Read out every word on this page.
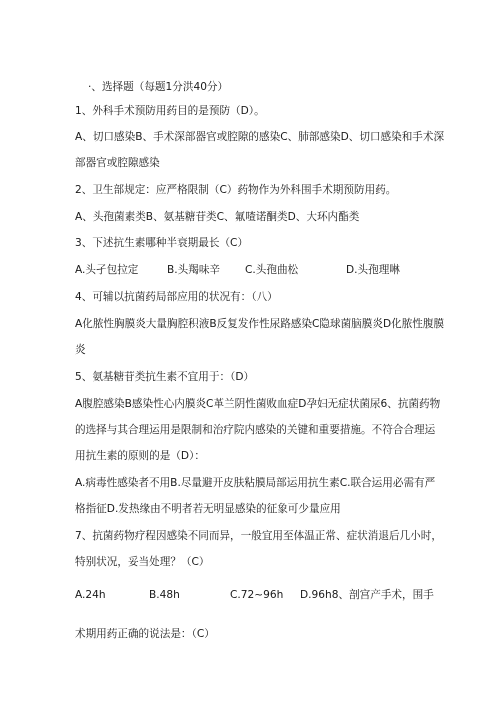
·、选择题（每题1分洪40分）
1、外科手术预防用药目的是预防（D）。
A、切口感染B、手术深部器官或腔隙的感染C、肺部感染D、切口感染和手术深
部器官或腔隙感染
2、卫生部规定：应严格限制（C）药物作为外科围手术期预防用药。
A、头孢菌素类B、氨基糖苷类C、氟喳诺酮类D、大环内酯类
3、下述抗生素哪种半衰期最长（C）
A.头孑包拉定	B.头羯味辛 C.头孢曲松	D.头孢理啉
4、可辅以抗菌药局部应用的状况有：（八）
A化脓性胸膜炎大量胸腔积液B反复发作性尿路感染C隐球菌脑膜炎D化脓性腹膜
炎
5、氨基糖苷类抗生素不宜用于：（D）
A腹腔感染B感染性心内膜炎C革兰阴性菌败血症D孕妇无症状菌尿6、抗菌药物
的选择与其合理运用是限制和治疗院内感染的关键和重要措施。不符合合理运
用抗生素的原则的是（D）：
A.病毒性感染者不用B.尽量避开皮肤粘膜局部运用抗生素C.联合运用必需有严
格指征D.发热缘由不明者若无明显感染的征象可少量应用
7、抗菌药物疗程因感染不同而异，一般宜用至体温正常、症状消退后几小时，
特别状况，妥当处理？（C）
A.24h	B.48h	C.72~96h D.96h8、剖宫产手术，围手
术期用药正确的说法是：（C）
